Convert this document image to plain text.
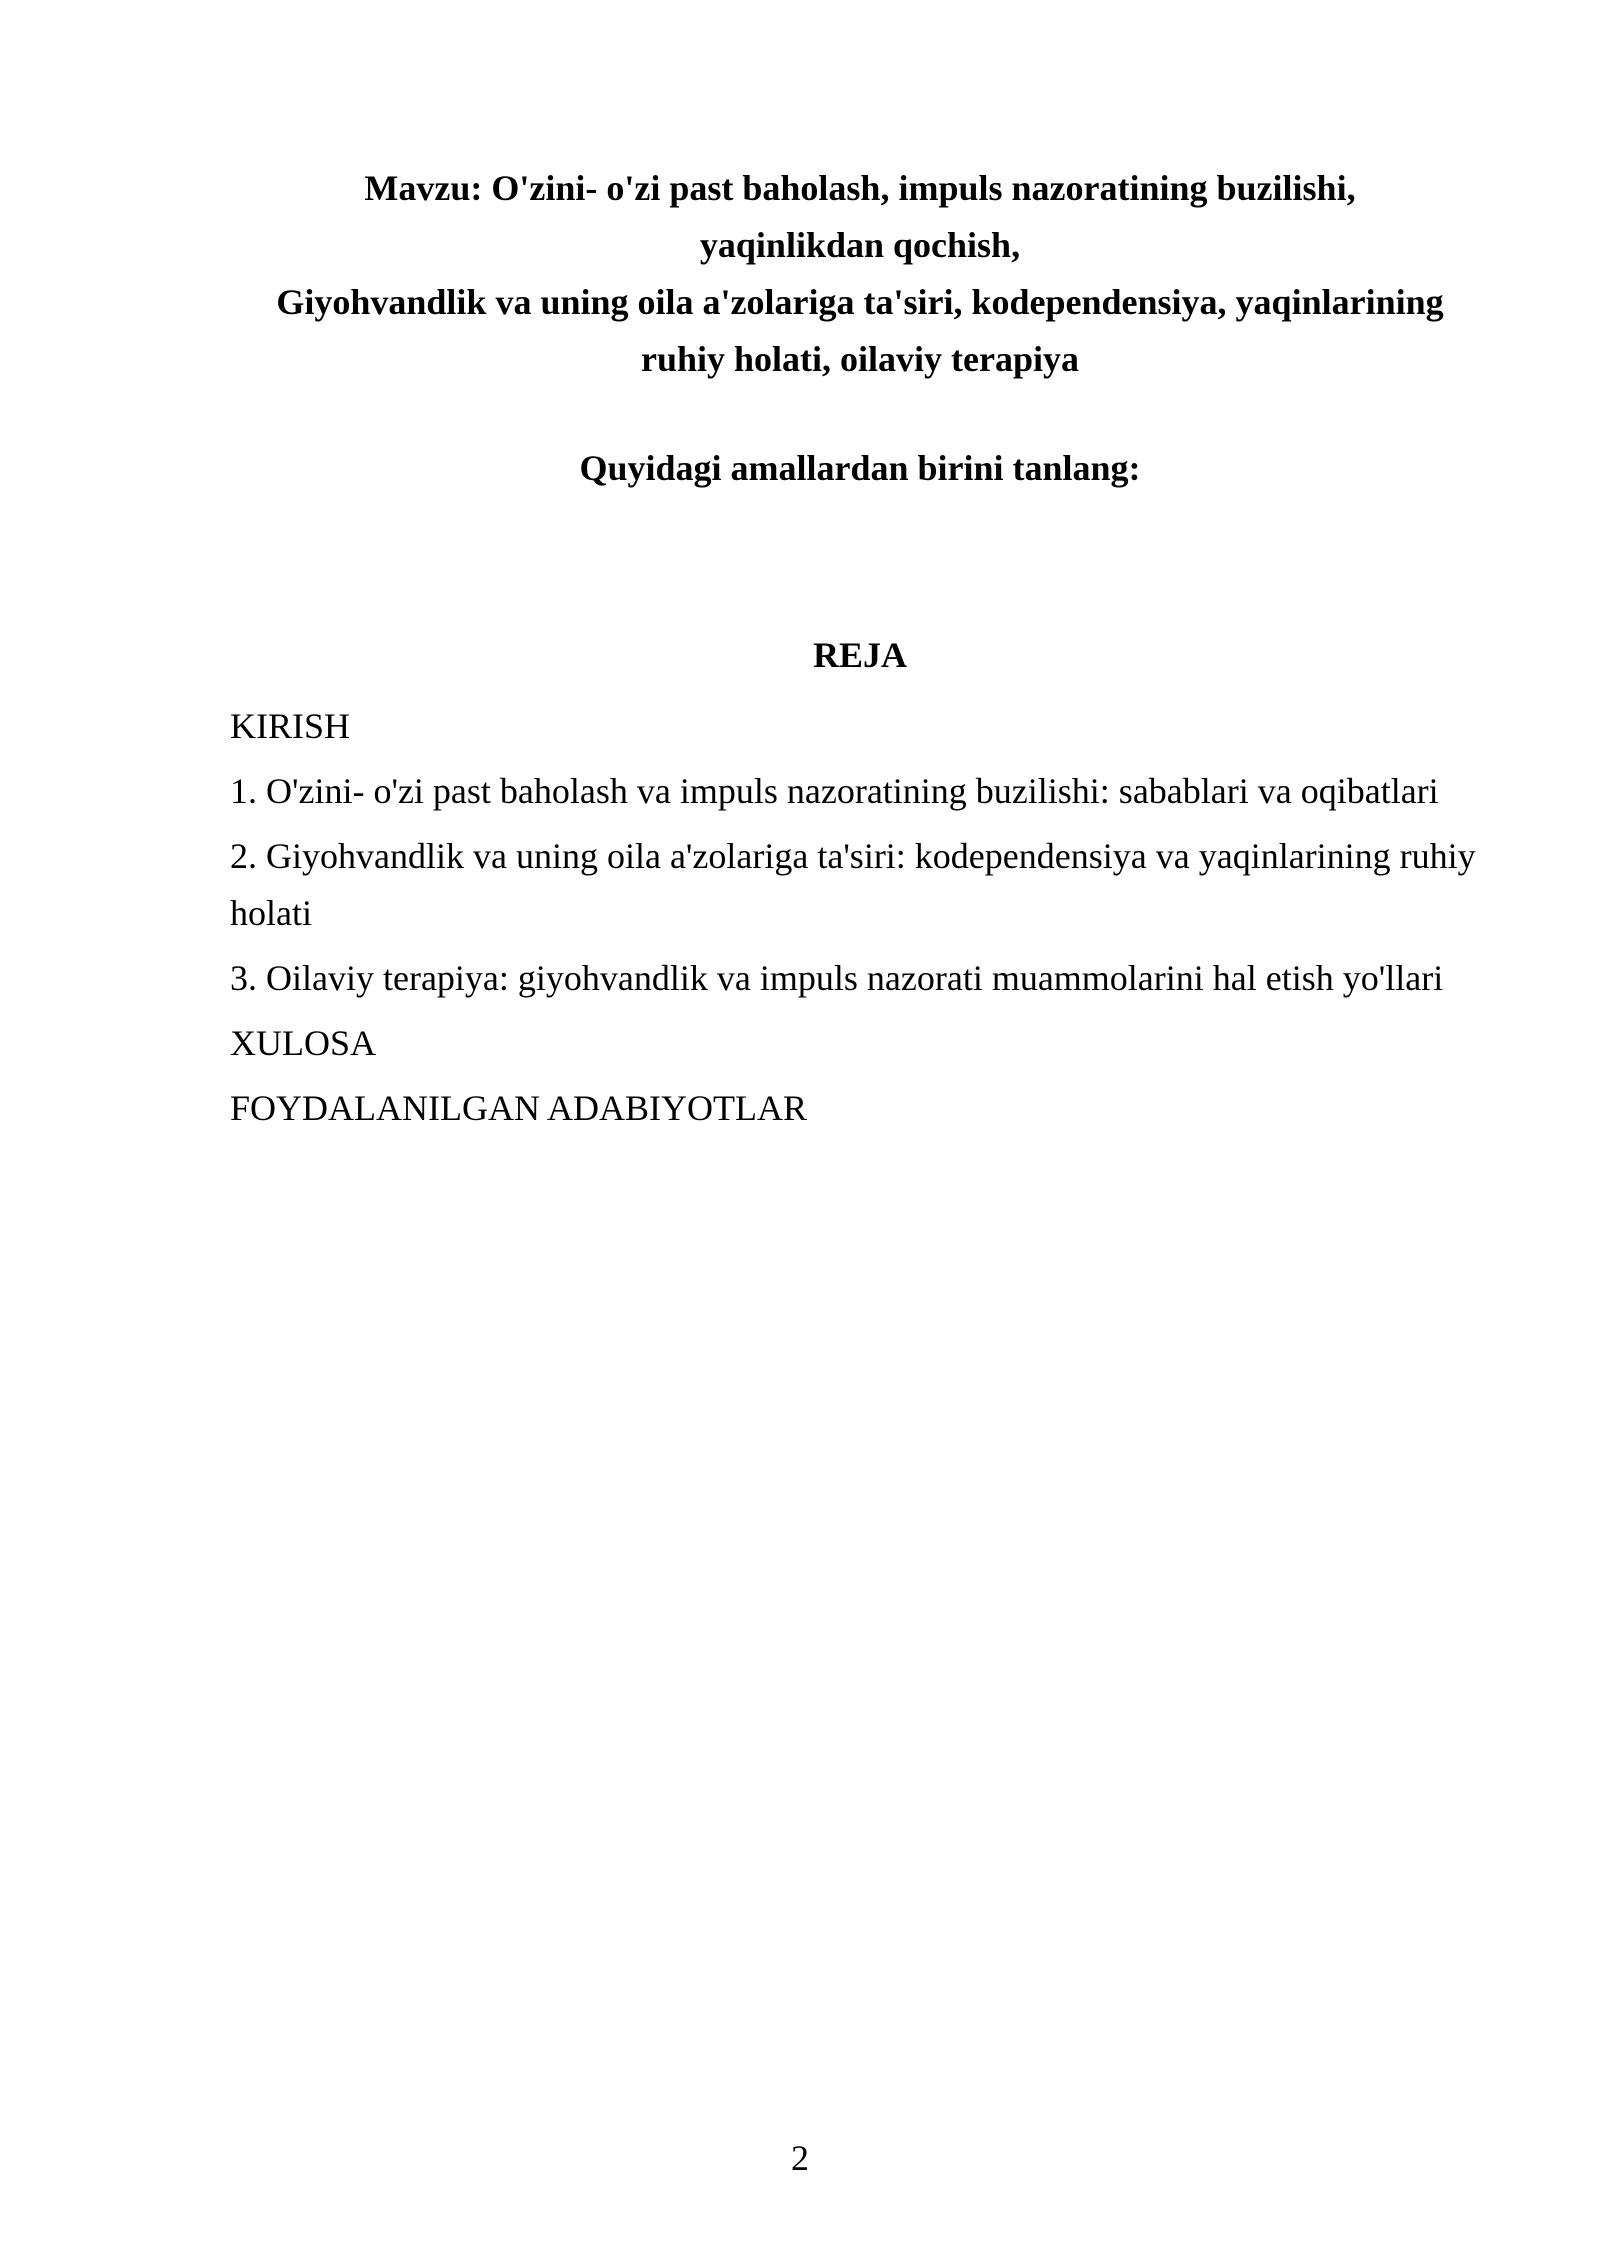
Mavzu: O'zini- o'zi past baholash, impuls nazoratining buzilishi,
yaqinlikdan qochish,
Giyohvandlik va uning oila a'zolariga ta'siri, kodependensiya, yaqinlarining
ruhiy holati, oilaviy terapiya
Quyidagi amallardan birini tanlang:
REJA
KIRISH
1. O'zini- o'zi past baholash va impuls nazoratining buzilishi: sabablari va oqibatlari
2. Giyohvandlik va uning oila a'zolariga ta'siri: kodependensiya va yaqinlarining ruhiy holati
3. Oilaviy terapiya: giyohvandlik va impuls nazorati muammolarini hal etish yo'llari
XULOSA
FOYDALANILGAN ADABIYOTLAR
2
